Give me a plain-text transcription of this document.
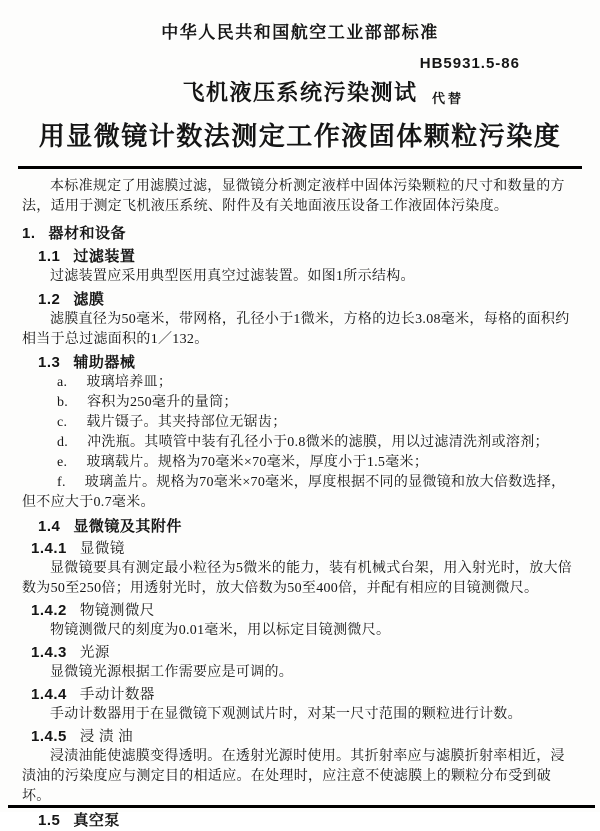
中华人民共和国航空工业部部标准
HB5931.5-86
飞机液压系统污染测试	代替
用显微镜计数法测定工作液固体颗粒污染度

本标准规定了用滤膜过滤，显微镜分析测定液样中固体污染颗粒的尺寸和数量的方法，适用于测定飞机液压系统、附件及有关地面液压设备工作液固体污染度。

1. 器材和设备

1.1 过滤装置

过滤装置应采用典型医用真空过滤装置。如图1所示结构。

1.2 滤膜

滤膜直径为50毫米，带网格，孔径小于1微米，方格的边长3.08毫米，每格的面积约相当于总过滤面积的1／132。

1.3 辅助器械

a. 玻璃培养皿；

b. 容积为250毫升的量筒；

c. 载片镊子。其夹持部位无锯齿；

d. 冲洗瓶。其喷管中装有孔径小于0.8微米的滤膜，用以过滤清洗剂或溶剂；

e. 玻璃载片。规格为70毫米×70毫米，厚度小于1.5毫米；

f. 玻璃盖片。规格为70毫米×70毫米，厚度根据不同的显微镜和放大倍数选择，但不应大于0.7毫米。

1.4 显微镜及其附件

1.4.1 显微镜

显微镜要具有测定最小粒径为5微米的能力，装有机械式台架，用入射光时，放大倍数为50至250倍；用透射光时，放大倍数为50至400倍，并配有相应的目镜测微尺。

1.4.2 物镜测微尺

物镜测微尺的刻度为0.01毫米，用以标定目镜测微尺。

1.4.3 光源

显微镜光源根据工作需要应是可调的。

1.4.4 手动计数器

手动计数器用于在显微镜下观测试片时，对某一尺寸范围的颗粒进行计数。

1.4.5 浸 渍 油

浸渍油能使滤膜变得透明。在透射光源时使用。其折射率应与滤膜折射率相近，浸渍油的污染度应与测定目的相适应。在处理时，应注意不使滤膜上的颗粒分布受到破坏。

1.5 真空泵
